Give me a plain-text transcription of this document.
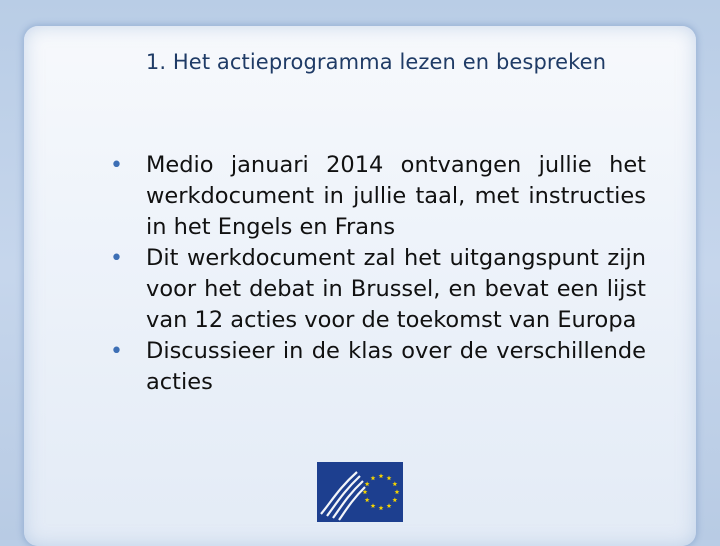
1. Het actieprogramma lezen en bespreken
• Medio januari 2014 ontvangen jullie het werkdocument in jullie taal, met instructies in het Engels en Frans
• Dit werkdocument zal het uitgangspunt zijn voor het debat in Brussel, en bevat een lijst van 12 acties voor de toekomst van Europa
• Discussieer in de klas over de verschillende acties
